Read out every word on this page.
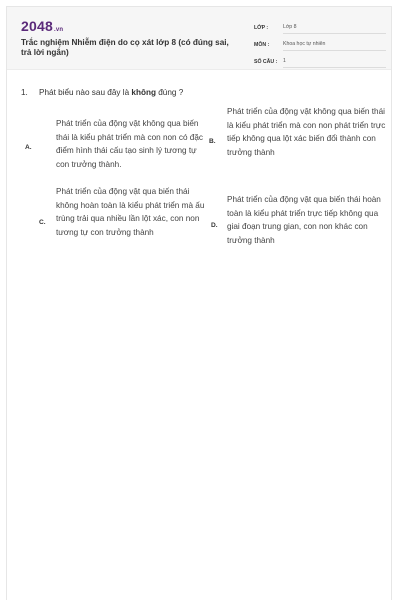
2048 .vn
Trắc nghiệm Nhiễm điện do cọ xát lớp 8 (có đúng sai, trả lời ngắn)
LỚP :	Lớp 8
MÔN :	Khoa học tự nhiên
SỐ CÂU :	1
1. Phát biểu nào sau đây là không đúng ?
A.
Phát triển của động vật không qua biến thái là kiểu phát triển mà con non có đặc điểm hình thái cấu tạo sinh lý tương tự con trưởng thành.
B.
Phát triển của động vật không qua biến thái là kiểu phát triển mà con non phát triển trực tiếp không qua lột xác biến đổi thành con trưởng thành
C.
Phát triển của động vật qua biến thái không hoàn toàn là kiểu phát triển mà ấu trùng trải qua nhiều lần lột xác, con non tương tự con trưởng thành
D.
Phát triển của động vật qua biến thái hoàn toàn là kiểu phát triển trực tiếp không qua giai đoạn trung gian, con non khác con trưởng thành
